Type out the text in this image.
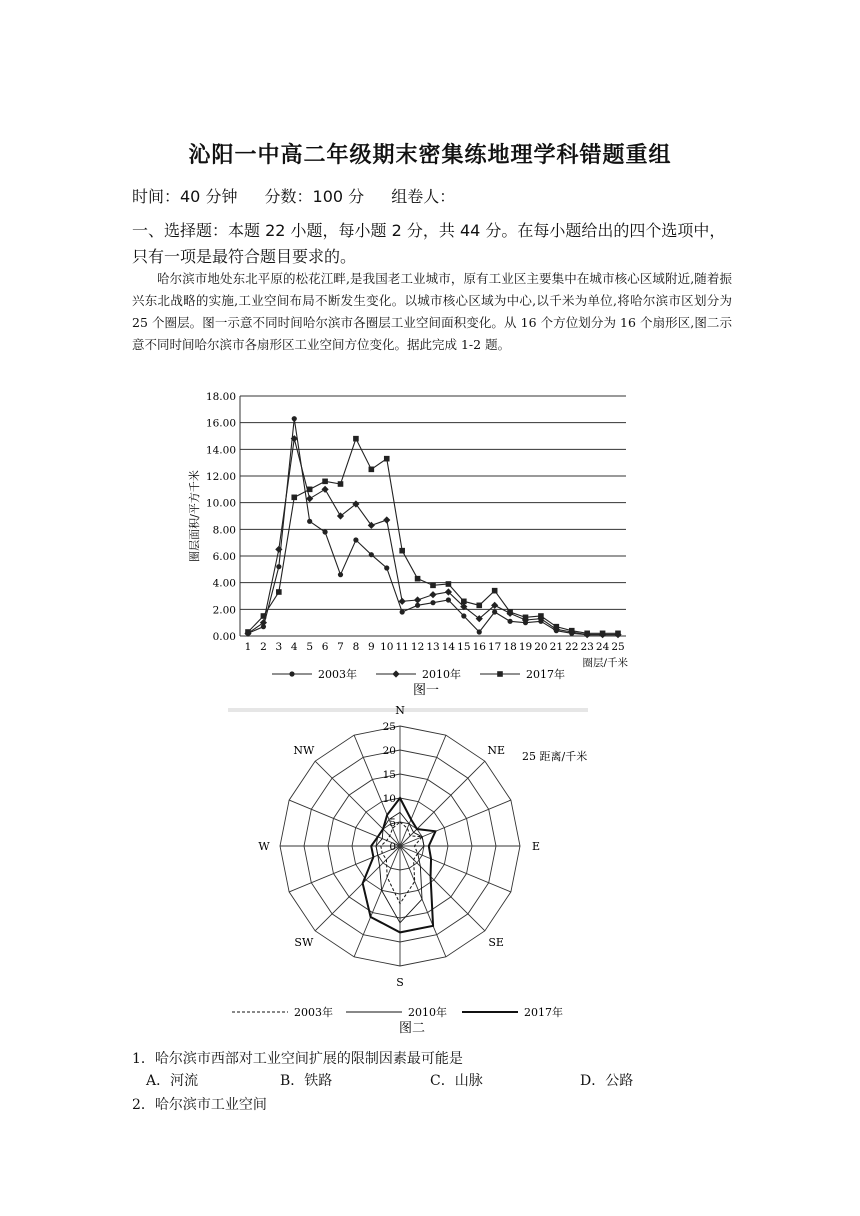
沁阳一中高二年级期末密集练地理学科错题重组
时间：40 分钟 分数：100 分 组卷人：
一、选择题：本题 22 小题，每小题 2 分，共 44 分。在每小题给出的四个选项中，
只有一项是最符合题目要求的。
哈尔滨市地处东北平原的松花江畔,是我国老工业城市，原有工业区主要集中在城市核心区域附近,随着振兴东北战略的实施,工业空间布局不断发生变化。以城市核心区域为中心,以千米为单位,将哈尔滨市区划分为 25 个圈层。图一示意不同时间哈尔滨市各圈层工业空间面积变化。从 16 个方位划分为 16 个扇形区,图二示意不同时间哈尔滨市各扇形区工业空间方位变化。据此完成 1-2 题。
0.00
2.00
4.00
6.00
8.00
10.00
12.00
14.00
16.00
18.00
1 2 3 4 5 6 7 8 9 10 11 12 13 14 15 16 17 18 19 20 21 22 23 24 25
圈层/千米
圈层面积/平方千米
2003年	2010年	2017年
图一
0
5
10
15
20
25
N
NE
E
SE
S
SW
W
NW	25 距离/千米
2003年	2010年	2017年
图二
1．哈尔滨市西部对工业空间扩展的限制因素最可能是
A．河流	B．铁路	C．山脉	D．公路
2．哈尔滨市工业空间
